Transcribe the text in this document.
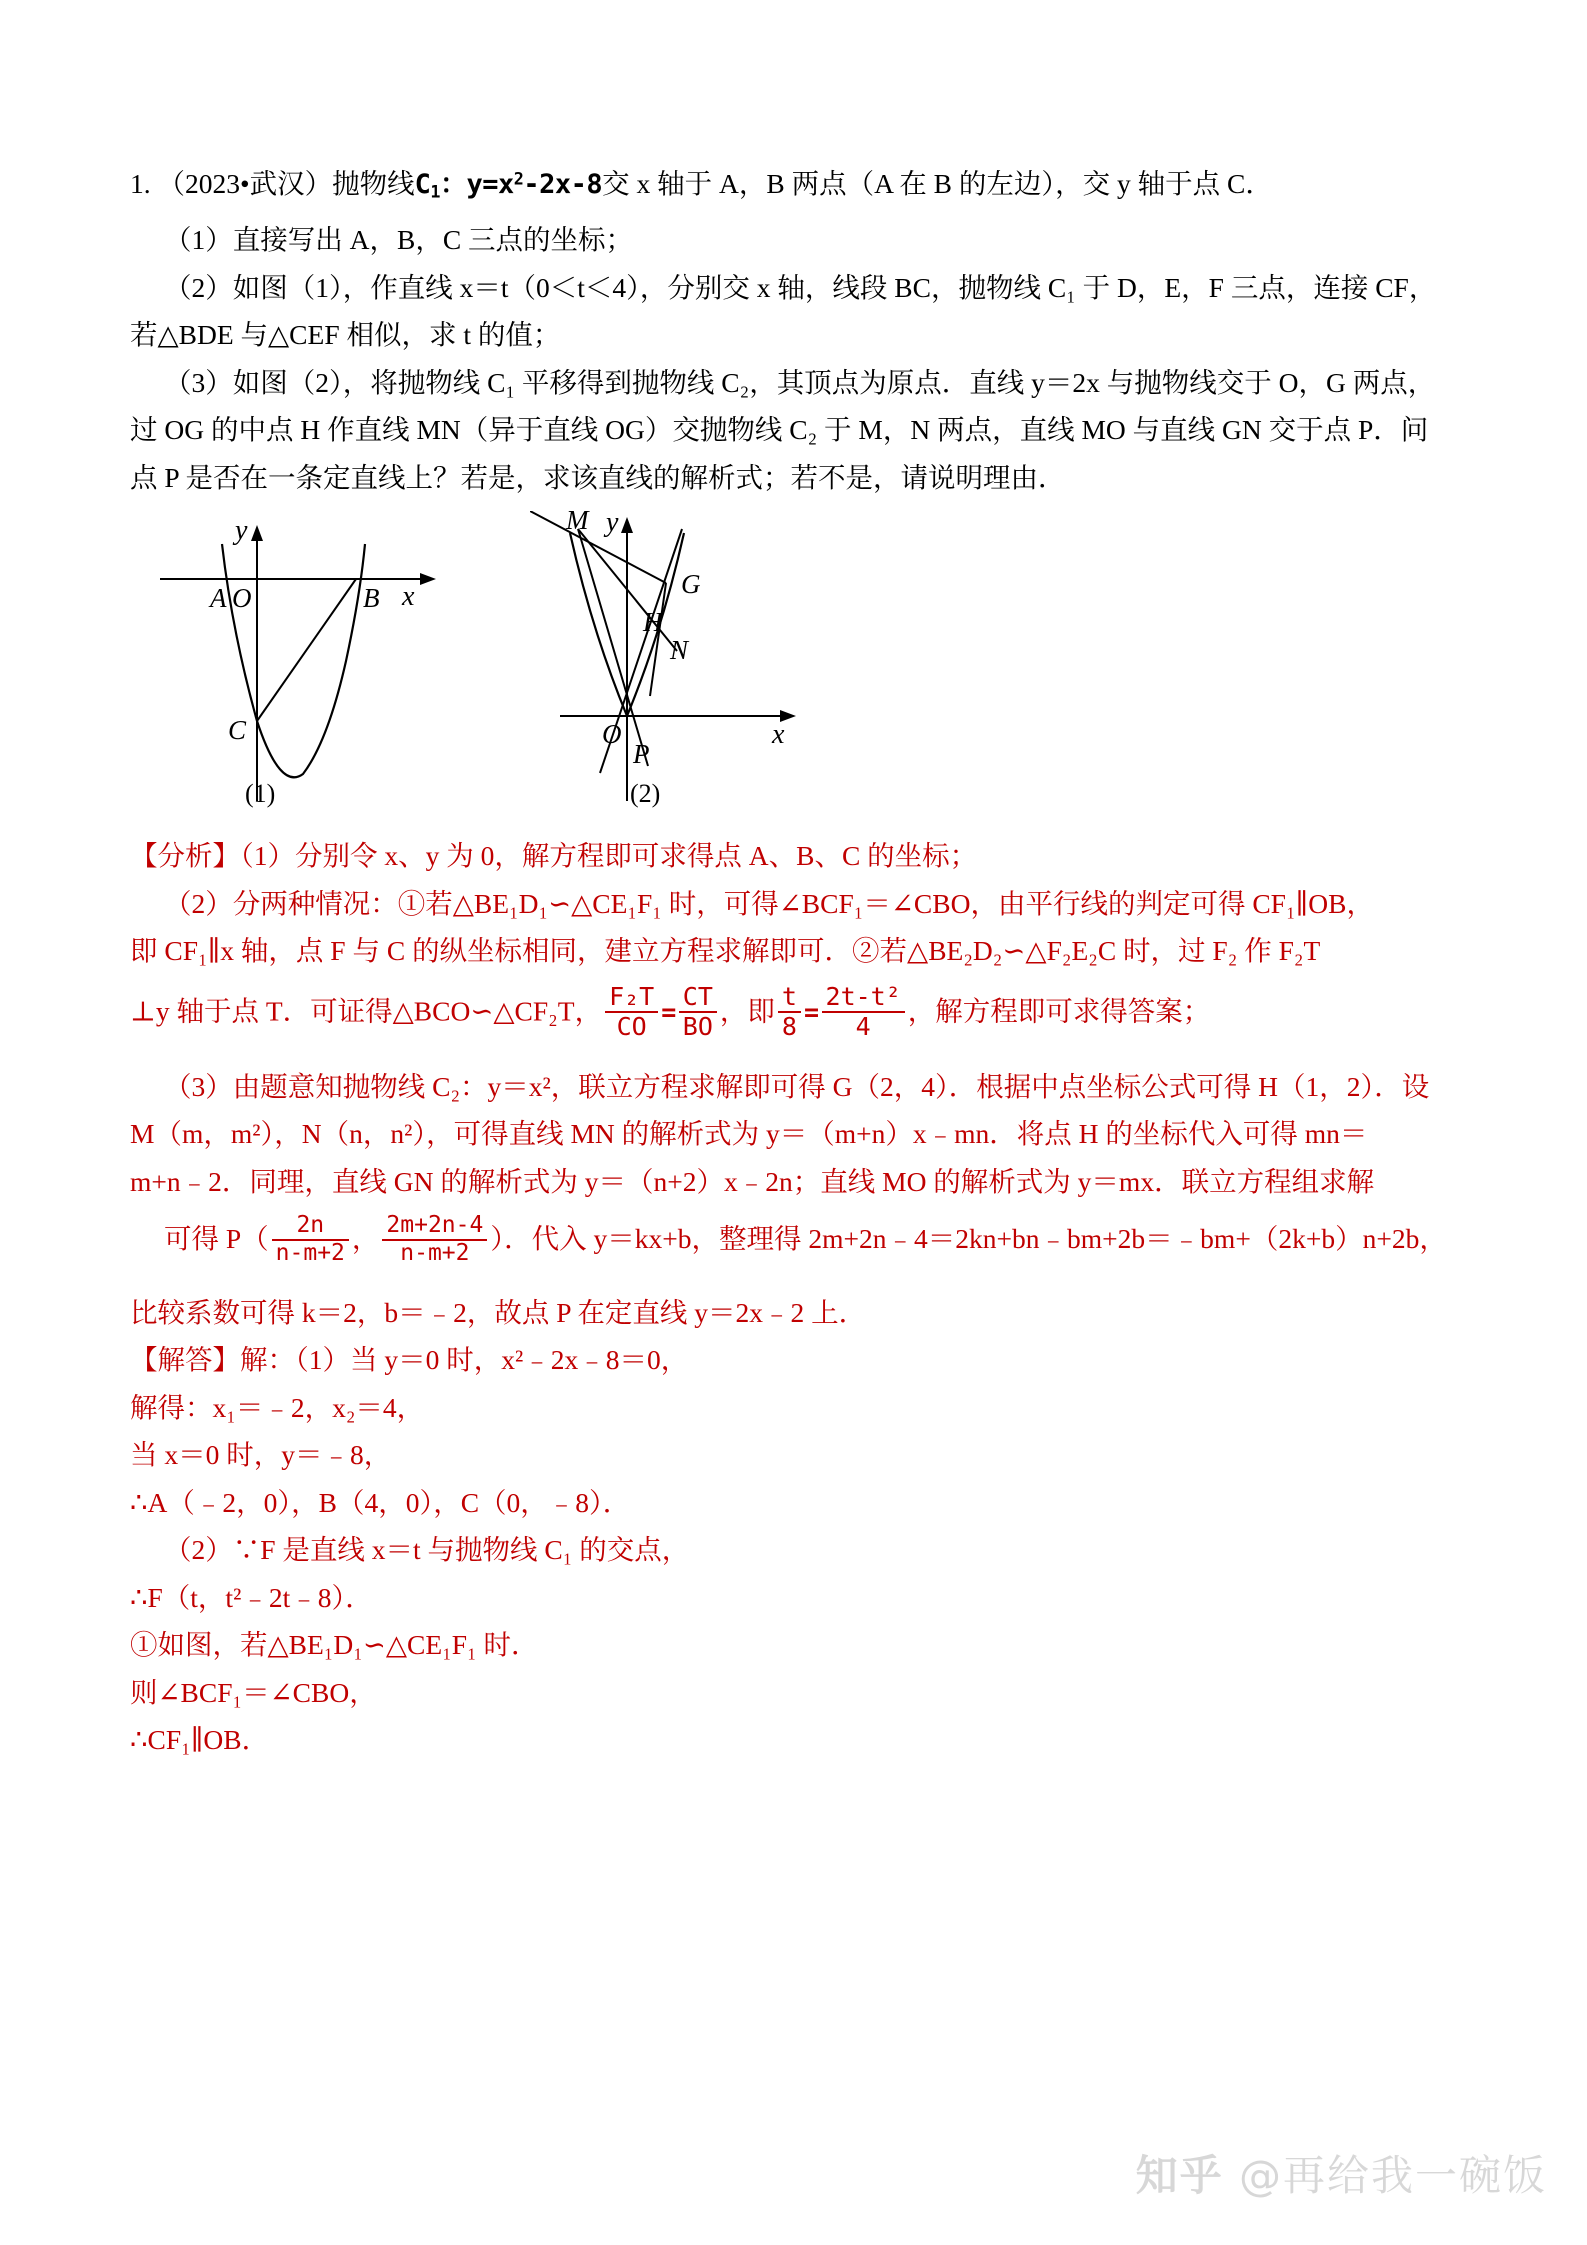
1. （2023•武汉）抛物线$C_1$：$y=x^2-2x-8$交 x 轴于 A，B 两点（A 在 B 的左边），交 y 轴于点 C．
（1）直接写出 A，B，C 三点的坐标；
（2）如图（1），作直线 x＝t（0＜t＜4），分别交 x 轴，线段 BC，抛物线 C₁ 于 D，E，F 三点，连接 CF，
若△BDE 与△CEF 相似，求 t 的值；
（3）如图（2），将抛物线 C₁ 平移得到抛物线 C₂，其顶点为原点．直线 y＝2x 与抛物线交于 O，G 两点，
过 OG 的中点 H 作直线 MN（异于直线 OG）交抛物线 C₂ 于 M，N 两点，直线 MO 与直线 GN 交于点 P．问
点 P 是否在一条定直线上？若是，求该直线的解析式；若不是，请说明理由．
A O	B x
y
C
(1)
M
G
H
N
O
P
x
y
(2)
【分析】（1）分别令 x、y 为 0，解方程即可求得点 A、B、C 的坐标；
（2）分两种情况：①若△BE₁D₁∽△CE₁F₁ 时，可得∠BCF₁＝∠CBO，由平行线的判定可得 CF₁∥OB，
即 CF₁∥x 轴，点 F 与 C 的纵坐标相同，建立方程求解即可．②若△BE₂D₂∽△F₂E₂C 时，过 F₂ 作 F₂T
⊥y 轴于点 T．可证得△BCO∽△CF₂T， $\frac{\text{F₂T}}{CO} = \frac{CT}{BO}$ ，即 $\frac{t}{8} = \frac{\text{2t-t²}}{4}$ ，解方程即可求得答案；
（3）由题意知抛物线 C₂：y＝x²，联立方程求解即可得 G（2，4）．根据中点坐标公式可得 H（1，2）．设
M（m，m²），N（n，n²），可得直线 MN 的解析式为 y＝（m+n）x﹣mn．将点 H 的坐标代入可得 mn＝
m+n﹣2．同理，直线 GN 的解析式为 y＝（n+2）x﹣2n；直线 MO 的解析式为 y＝mx．联立方程组求解
可得 $P( \frac{2n}{n-m+2}$ ， $\frac{2m+2n-4}{n-m+2}$ ）．代入 y＝kx+b，整理得 2m+2n﹣4＝2kn+bn﹣bm+2b＝﹣bm+（2k+b）n+2b，
比较系数可得 k＝2，b＝﹣2，故点 P 在定直线 y＝2x﹣2 上．
【解答】解：（1）当 y＝0 时，x²﹣2x﹣8＝0，
解得：x₁＝﹣2，x₂＝4，
当 x＝0 时，y＝﹣8，
∴A（﹣2，0），B（4，0），C（0，﹣8）．
（2）∵F 是直线 x＝t 与抛物线 C₁ 的交点，
∴F（t，t²﹣2t﹣8）．
①如图，若△BE₁D₁∽△CE₁F₁ 时．
则∠BCF₁＝∠CBO，
∴CF₁∥OB．
知乎 @再给我一碗饭
